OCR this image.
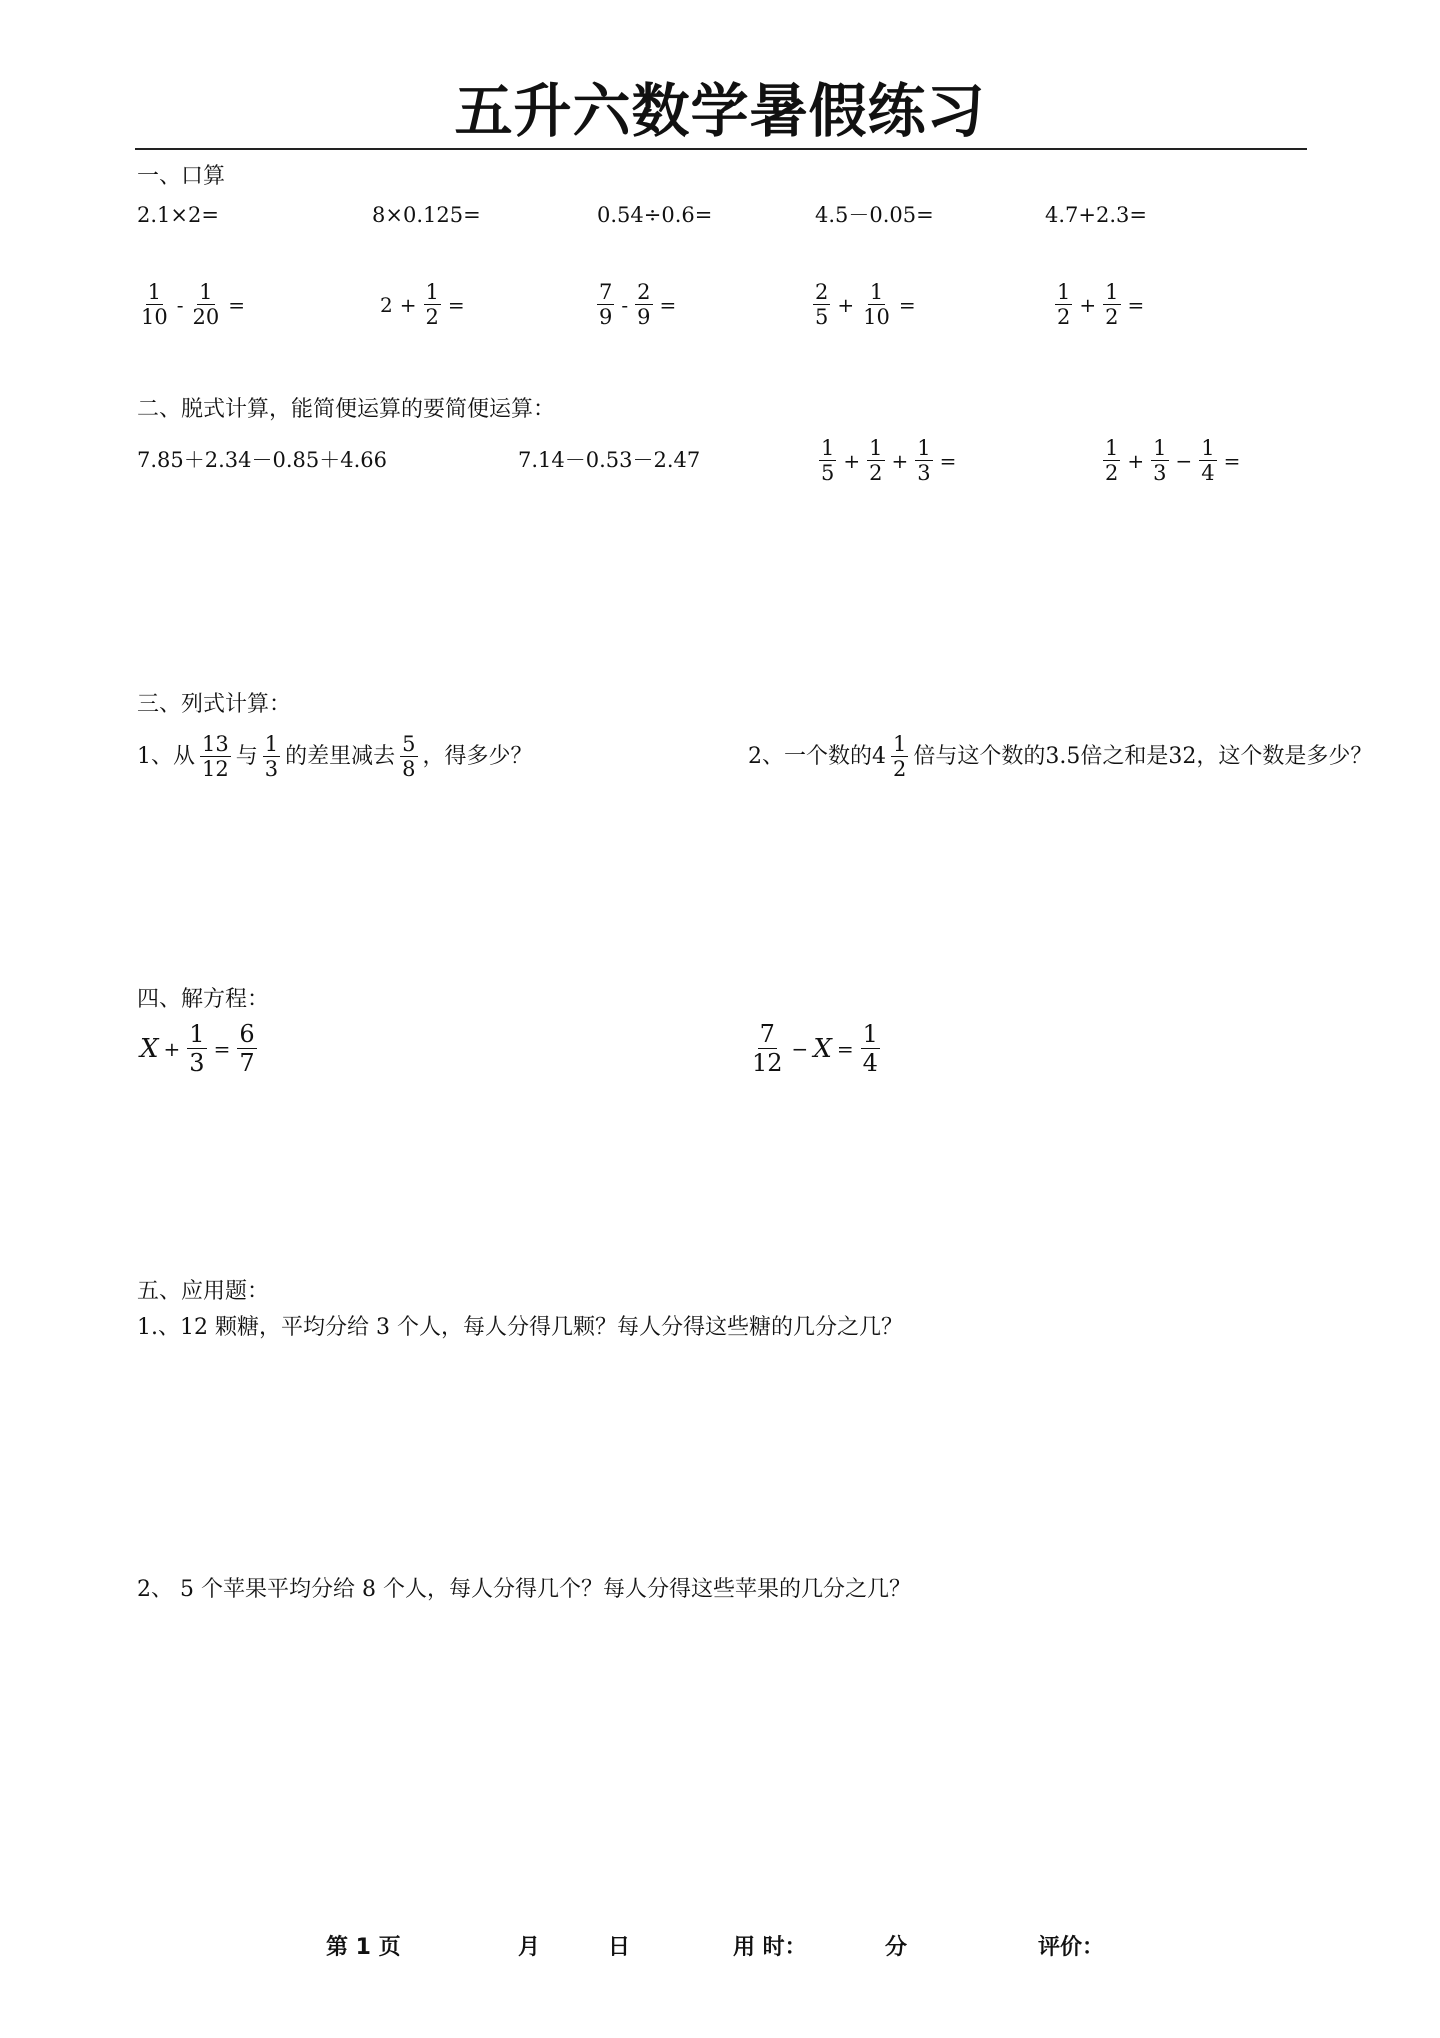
五升六数学暑假练习
一、口算
2.1×2=	8×0.125=	0.54÷0.6=	4.5－0.05=	4.7+2.3=
$\frac{1}{10} - \frac{1}{20}$ =	$2 + \frac{1}{2}$ =	$\frac{7}{9} - \frac{2}{9}$ =	$\frac{2}{5} + \frac{1}{10}$ =	$\frac{1}{2} + \frac{1}{2}$ =
二、脱式计算，能简便运算的要简便运算：
7.85＋2.34－0.85＋4.66	7.14－0.53－2.47	$\frac{1}{5} + \frac{1}{2} + \frac{1}{3}$ =	$\frac{1}{2} + \frac{1}{3} - \frac{1}{4}$ =
三、列式计算：
1、从 $\frac{13}{12}$ 与 $\frac{1}{3}$ 的差里减去 $\frac{5}{8}$ ，得多少？	2、一个数的$4 \frac{1}{2}$ 倍与这个数的3.5倍之和是32，这个数是多少？
四、解方程：
$X + \frac{1}{3} = \frac{6}{7}$	$\frac{7}{12} - X = \frac{1}{4}$
五、应用题：
1.、12 颗糖，平均分给 3 个人，每人分得几颗？每人分得这些糖的几分之几？
2、 5 个苹果平均分给 8 个人，每人分得几个？每人分得这些苹果的几分之几？
第 1 页	月	日	用 时：	分	评价：
